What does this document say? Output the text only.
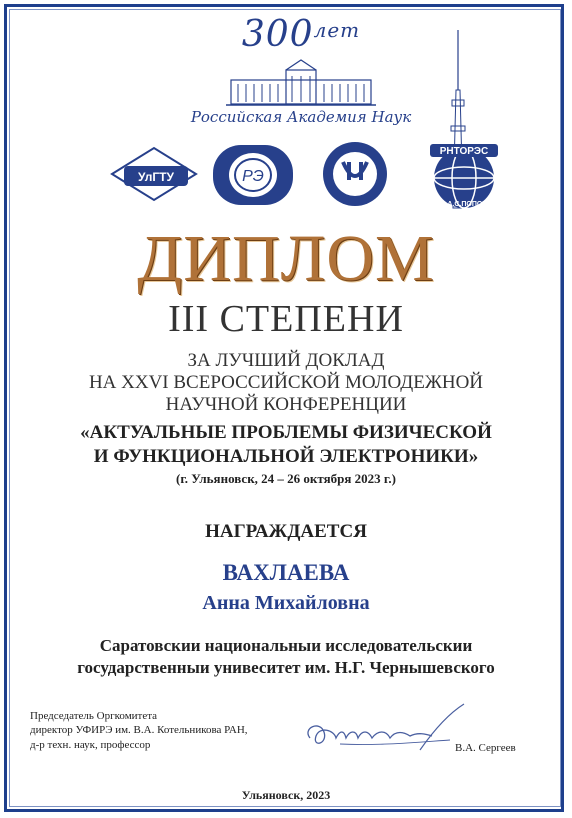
$300^{лет}$
Российская Академия Наук
УлГТУ	РЭ
РНТОРЭС
им.А.С.ПОПОВА
ДИПЛОМ
III СТЕПЕНИ
ЗА ЛУЧШИЙ ДОКЛАД
НА XXVI ВСЕРОССИЙСКОЙ МОЛОДЕЖНОЙ
НАУЧНОЙ КОНФЕРЕНЦИИ
«АКТУАЛЬНЫЕ ПРОБЛЕМЫ ФИЗИЧЕСКОЙ
И ФУНКЦИОНАЛЬНОЙ ЭЛЕКТРОНИКИ»
(г. Ульяновск, 24 – 26 октября 2023 г.)
НАГРАЖДАЕТСЯ
ВАХЛАЕВА
Анна Михайловна
Саратовскии национальныи исследовательскии
государственныи унивеситет им. Н.Г. Чернышевского
Председатель Оргкомитета
директор УФИРЭ им. В.А. Котельникова РАН,
д-р техн. наук, профессор	В.А. Сергеев
Ульяновск, 2023
